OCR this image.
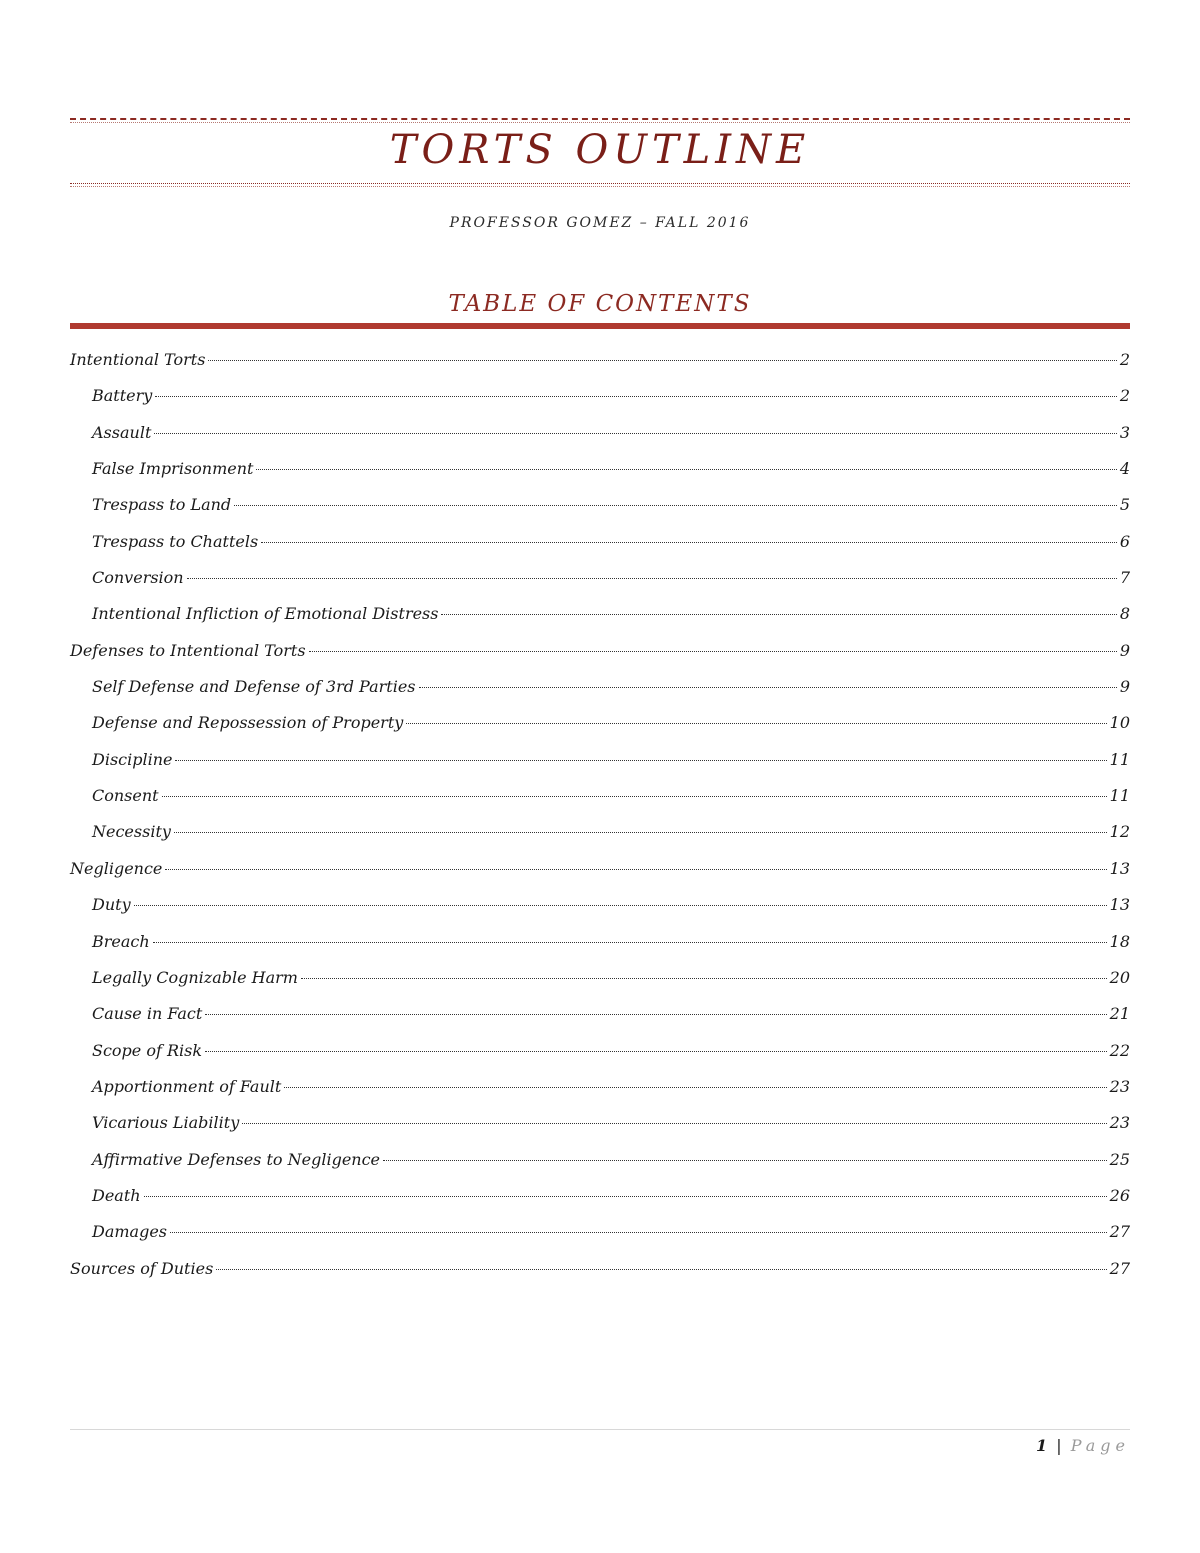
TORTS OUTLINE
PROFESSOR GOMEZ – FALL 2016
TABLE OF CONTENTS
Intentional Torts	2
Battery	2
Assault	3
False Imprisonment	4
Trespass to Land	5
Trespass to Chattels	6
Conversion	7
Intentional Infliction of Emotional Distress	8
Defenses to Intentional Torts	9
Self Defense and Defense of 3rd Parties	9
Defense and Repossession of Property	10
Discipline	11
Consent	11
Necessity	12
Negligence	13
Duty	13
Breach	18
Legally Cognizable Harm	20
Cause in Fact	21
Scope of Risk	22
Apportionment of Fault	23
Vicarious Liability	23
Affirmative Defenses to Negligence	25
Death	26
Damages	27
Sources of Duties	27
1 | Page
